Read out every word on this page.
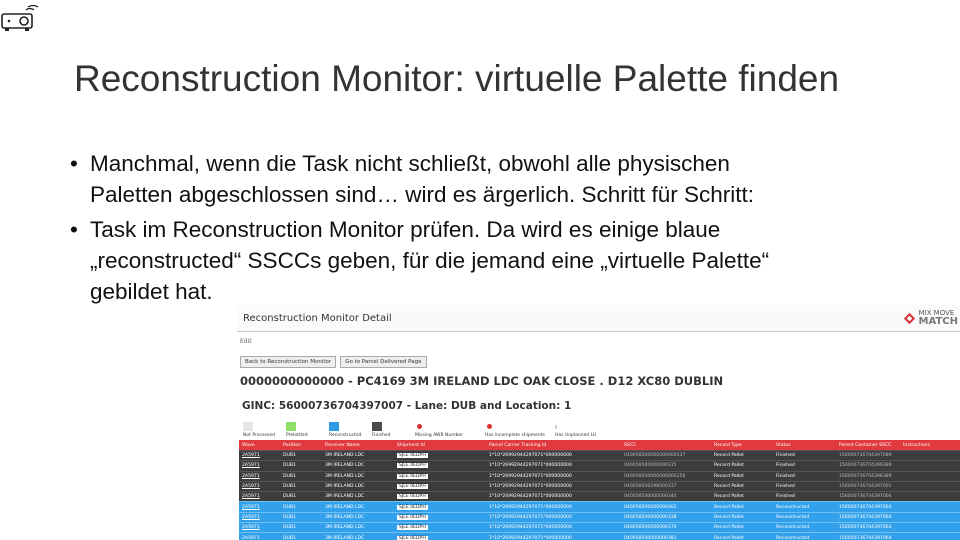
Reconstruction Monitor: virtuelle Palette finden
• Manchmal, wenn die Task nicht schließt, obwohl alle physischen
Paletten abgeschlossen sind… wird es ärgerlich. Schritt für Schritt:
• Task im Reconstruction Monitor prüfen. Da wird es einige blaue
„reconstructed“ SSCCs geben, für die jemand eine „virtuelle Palette“
gebildet hat.
Reconstruction Monitor Detail	MIX MOVE
MATCH
Edit
Back to Reconstruction Monitor	Go to Parcel Delivered Page
0000000000000 - PC4169 3M IRELAND LDC OAK CLOSE . D12 XC80 DUBLIN
GINC: 56000736704397007 - Lane: DUB and Location: 1
Not Processed	Prelottled	Reconstructed	Finished	Missing AWB Number	Has incomplete shipments
ı
Has Unplanned LU
Wave	Position	Receiver Name	Shipment Id	Parcel Carrier Tracking Id	SSCC	Record Type	Status	Parent Container SSCC	Instructions
2A5971	DUB1	3M IRELAND LDC	SJLE 0EDPH	1*10*26992944297071*000000000	040058500000000000537	Record Pallet	Finished	156000736704397089	
2A5971	DUB1	3M IRELAND LDC	SJLE 0EDPH	1*10*26992944297071*000000000	040058500000000315	Record Pallet	Finished	156000736704396389	
2A5971	DUB1	3M IRELAND LDC	SJLE 0EDPH	1*10*26992944297071*000000000	040058500000000000256	Record Pallet	Finished	156000736704396389	
2A5971	DUB1	3M IRELAND LDC	SJLE 0EDPH	1*10*26992944297071*000000000	040058500298000337	Record Pallet	Finished	156000736704397001	
2A5971	DUB1	3M IRELAND LDC	SJLE 0EDPH	1*10*26992944297071*000000000	040058500000000344	Record Pallet	Finished	156000736704397004	
2A5971	DUB1	3M IRELAND LDC	SJLE 0EDPH	1*10*26992944297071*000000000	040058500000000002	Record Pallet	Reconstructed	156000736704397064	
2A5971	DUB1	3M IRELAND LDC	SJLE 0EDPH	1*10*26992944297071*000000000	040058500000000338	Record Pallet	Reconstructed	156000736704397064	
2A5971	DUB1	3M IRELAND LDC	SJLE 0EDPH	1*10*26992944297071*000000000	040058500000000370	Record Pallet	Reconstructed	156000736704397064	
2A5971	DUB1	3M IRELAND LDC	SJLE 0EDPH	1*10*26992944297071*000000000	040058500000000381	Record Pallet	Reconstructed	156000736704397064	
